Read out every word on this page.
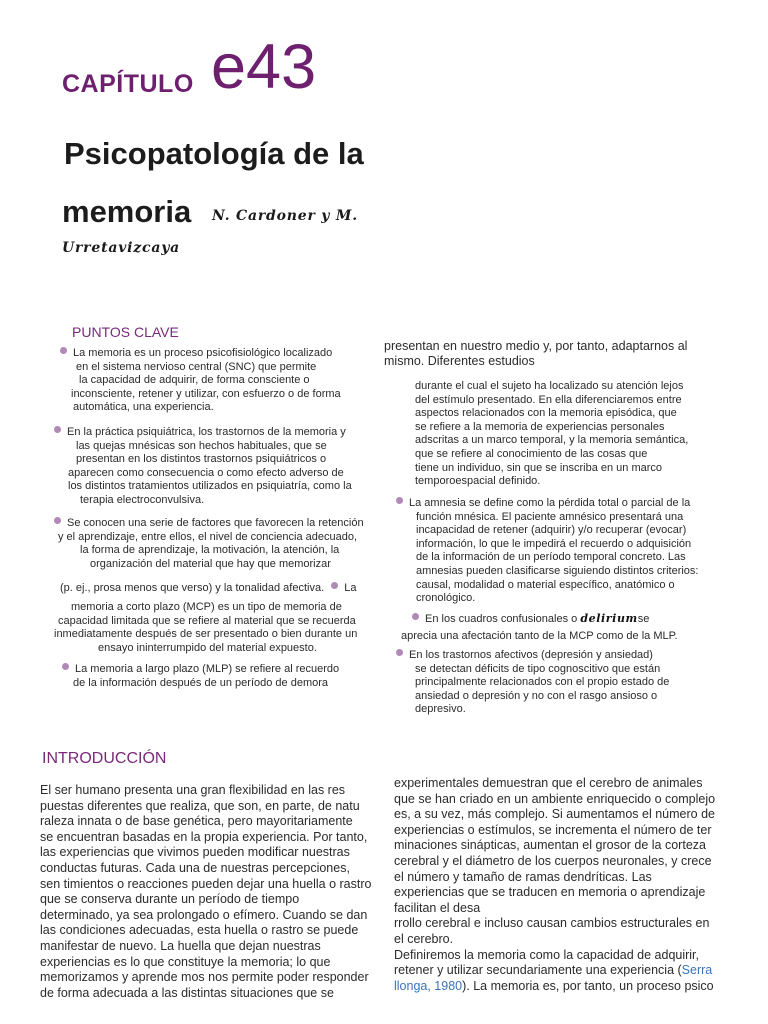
CAPÍTULO e43
Psicopatología de la
memoria N. Cardoner y M.
Urretavizcaya
PUNTOS CLAVE
La memoria es un proceso psicofisiológico localizado
en el sistema nervioso central (SNC) que permite
la capacidad de adquirir, de forma consciente o
inconsciente, retener y utilizar, con esfuerzo o de forma
automática, una experiencia.
En la práctica psiquiátrica, los trastornos de la memoria y
las quejas mnésicas son hechos habituales, que se
presentan en los distintos trastornos psiquiátricos o
aparecen como consecuencia o como efecto adverso de
los distintos tratamientos utilizados en psiquiatría, como la
terapia electroconvulsiva.
Se conocen una serie de factores que favorecen la retención
y el aprendizaje, entre ellos, el nivel de conciencia adecuado,
la forma de aprendizaje, la motivación, la atención, la
organización del material que hay que memorizar
(p. ej., prosa menos que verso) y la tonalidad afectiva. La
memoria a corto plazo (MCP) es un tipo de memoria de
capacidad limitada que se refiere al material que se recuerda
inmediatamente después de ser presentado o bien durante un
ensayo ininterrumpido del material expuesto.
La memoria a largo plazo (MLP) se refiere al recuerdo
de la información después de un período de demora
presentan en nuestro medio y, por tanto, adaptarnos al
mismo. Diferentes estudios
durante el cual el sujeto ha localizado su atención lejos
del estímulo presentado. En ella diferenciaremos entre
aspectos relacionados con la memoria episódica, que
se refiere a la memoria de experiencias personales
adscritas a un marco temporal, y la memoria semántica,
que se refiere al conocimiento de las cosas que
tiene un individuo, sin que se inscriba en un marco
temporoespacial definido.
La amnesia se define como la pérdida total o parcial de la
función mnésica. El paciente amnésico presentará una
incapacidad de retener (adquirir) y/o recuperar (evocar)
información, lo que le impedirá el recuerdo o adquisición
de la información de un período temporal concreto. Las
amnesias pueden clasificarse siguiendo distintos criterios:
causal, modalidad o material específico, anatómico o
cronológico.
En los cuadros confusionales o deliriumse
aprecia una afectación tanto de la MCP como de la MLP.
En los trastornos afectivos (depresión y ansiedad)
se detectan déficits de tipo cognoscitivo que están
principalmente relacionados con el propio estado de
ansiedad o depresión y no con el rasgo ansioso o
depresivo.
INTRODUCCIÓN
El ser humano presenta una gran flexibilidad en las res
puestas diferentes que realiza, que son, en parte, de natu
raleza innata o de base genética, pero mayoritariamente
se encuentran basadas en la propia experiencia. Por tanto,
las experiencias que vivimos pueden modificar nuestras
conductas futuras. Cada una de nuestras percepciones,
sen timientos o reacciones pueden dejar una huella o rastro
que se conserva durante un período de tiempo
determinado, ya sea prolongado o efímero. Cuando se dan
las condiciones adecuadas, esta huella o rastro se puede
manifestar de nuevo. La huella que dejan nuestras
experiencias es lo que constituye la memoria; lo que
memorizamos y aprende mos nos permite poder responder
de forma adecuada a las distintas situaciones que se
experimentales demuestran que el cerebro de animales
que se han criado en un ambiente enriquecido o complejo
es, a su vez, más complejo. Si aumentamos el número de
experiencias o estímulos, se incrementa el número de ter
minaciones sinápticas, aumentan el grosor de la corteza
cerebral y el diámetro de los cuerpos neuronales, y crece
el número y tamaño de ramas dendríticas. Las
experiencias que se traducen en memoria o aprendizaje
facilitan el desa
rrollo cerebral e incluso causan cambios estructurales en
el cerebro.
Definiremos la memoria como la capacidad de adquirir,
retener y utilizar secundariamente una experiencia (Serra
llonga, 1980). La memoria es, por tanto, un proceso psico
